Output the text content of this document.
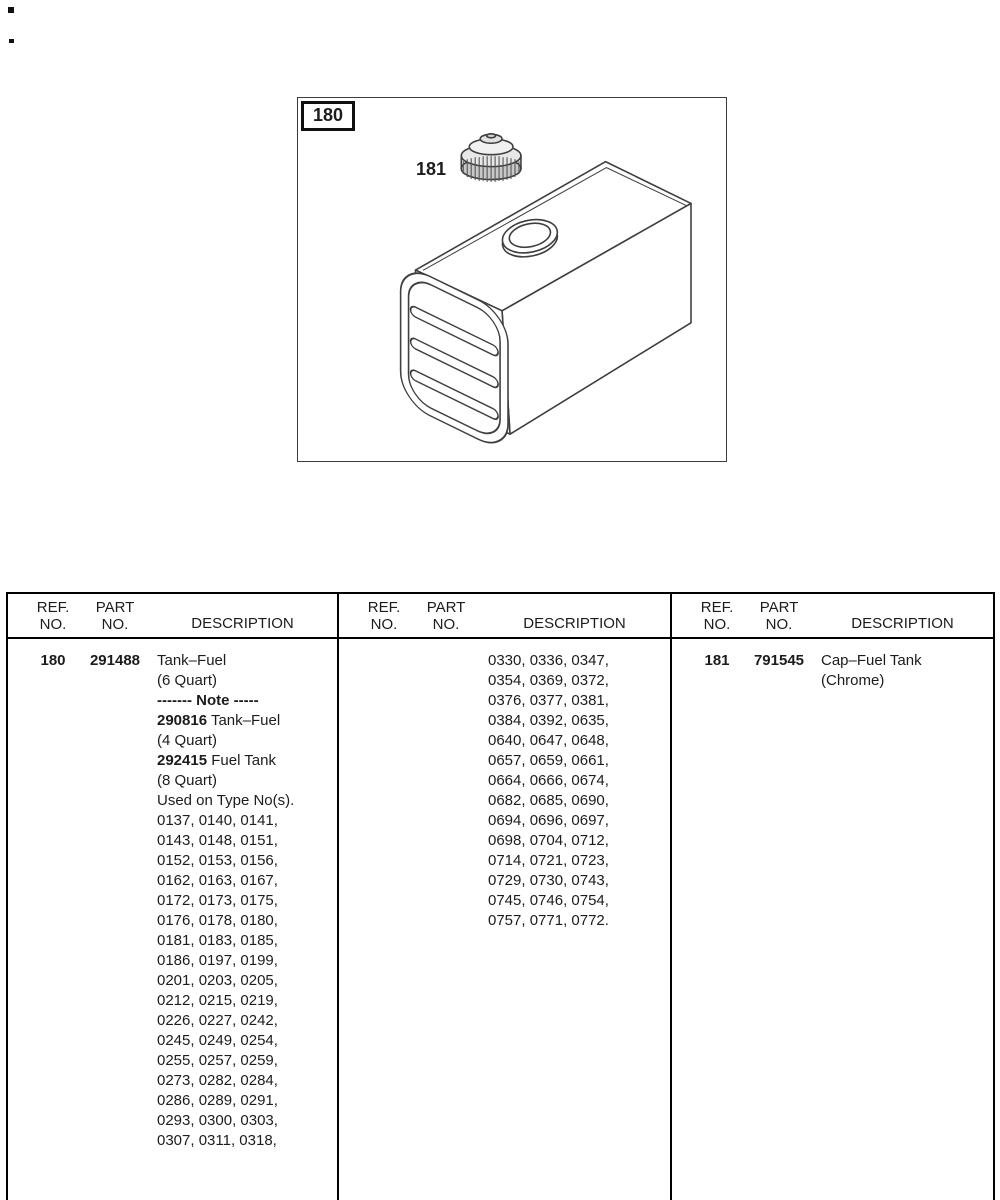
180
181
REF.
NO.
PART
NO.	DESCRIPTION
180	291488	Tank–Fuel
(6 Quart)
------- Note -----
290816 Tank–Fuel
(4 Quart)
292415 Fuel Tank
(8 Quart)
Used on Type No(s).
0137, 0140, 0141,
0143, 0148, 0151,
0152, 0153, 0156,
0162, 0163, 0167,
0172, 0173, 0175,
0176, 0178, 0180,
0181, 0183, 0185,
0186, 0197, 0199,
0201, 0203, 0205,
0212, 0215, 0219,
0226, 0227, 0242,
0245, 0249, 0254,
0255, 0257, 0259,
0273, 0282, 0284,
0286, 0289, 0291,
0293, 0300, 0303,
0307, 0311, 0318,
REF.
NO.
PART
NO.	DESCRIPTION
0330, 0336, 0347,
0354, 0369, 0372,
0376, 0377, 0381,
0384, 0392, 0635,
0640, 0647, 0648,
0657, 0659, 0661,
0664, 0666, 0674,
0682, 0685, 0690,
0694, 0696, 0697,
0698, 0704, 0712,
0714, 0721, 0723,
0729, 0730, 0743,
0745, 0746, 0754,
0757, 0771, 0772.
REF.
NO.
PART
NO.	DESCRIPTION
181	791545	Cap–Fuel Tank
(Chrome)
